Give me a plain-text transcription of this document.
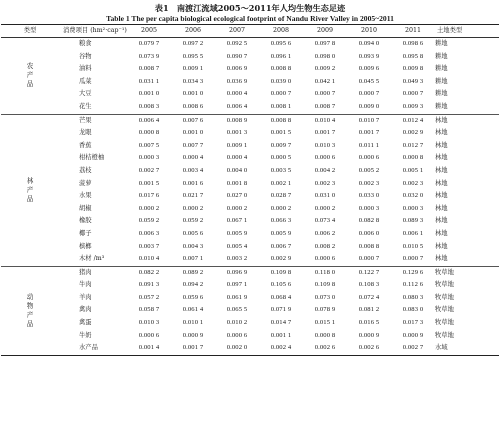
表1　南渡江流域2005～2011年人均生物生态足迹
Table 1 The per capita biological ecological footprint of Nandu River Valley in 2005~2011
类型	消费项目 (hm²·cap⁻¹)	2005	2006	2007	2008	2009	2010	2011	土地类型
农产品	粮食	0.079 7	0.097 2	0.092 5	0.095 6	0.097 8	0.094 0	0.098 6	耕地
	谷物	0.073 9	0.095 5	0.090 7	0.096 1	0.098 0	0.093 9	0.095 8	耕地
	油料	0.008 7	0.009 1	0.006 9	0.008 8	0.009 2	0.009 6	0.009 8	耕地
	瓜菜	0.031 1	0.034 3	0.036 9	0.039 0	0.042 1	0.045 5	0.049 3	耕地
	大豆	0.001 0	0.001 0	0.000 4	0.000 7	0.000 7	0.000 7	0.000 7	耕地
	花生	0.008 3	0.008 6	0.006 4	0.008 1	0.008 7	0.009 0	0.009 3	耕地
林产品	芒果	0.006 4	0.007 6	0.008 9	0.008 8	0.010 4	0.010 7	0.012 4	林地
	龙眼	0.000 8	0.001 0	0.001 3	0.001 5	0.001 7	0.001 7	0.002 9	林地
	香蕉	0.007 5	0.007 7	0.009 1	0.009 7	0.010 3	0.011 1	0.012 7	林地
	柑桔橙柚	0.000 3	0.000 4	0.000 4	0.000 5	0.000 6	0.000 6	0.000 8	林地
	荔枝	0.002 7	0.003 4	0.004 0	0.003 5	0.004 2	0.005 2	0.005 1	林地
	菠萝	0.001 5	0.001 6	0.001 8	0.002 1	0.002 3	0.002 3	0.002 3	林地
	水果	0.017 6	0.021 7	0.027 0	0.028 7	0.031 0	0.033 0	0.032 0	林地
	胡椒	0.000 2	0.000 2	0.000 2	0.000 2	0.000 2	0.000 3	0.000 3	林地
	橡胶	0.059 2	0.059 2	0.067 1	0.066 3	0.073 4	0.082 8	0.089 3	林地
	椰子	0.006 3	0.005 6	0.005 9	0.005 9	0.006 2	0.006 0	0.006 1	林地
	槟榔	0.003 7	0.004 3	0.005 4	0.006 7	0.008 2	0.008 8	0.010 5	林地
	木材 /m³	0.010 4	0.007 1	0.003 2	0.002 9	0.000 6	0.000 7	0.000 7	林地
动物产品	猪肉	0.082 2	0.089 2	0.096 9	0.109 8	0.118 0	0.122 7	0.129 6	牧草地
	牛肉	0.091 3	0.094 2	0.097 1	0.105 6	0.109 8	0.108 3	0.112 6	牧草地
	羊肉	0.057 2	0.059 6	0.061 9	0.068 4	0.073 0	0.072 4	0.080 3	牧草地
	禽肉	0.058 7	0.061 4	0.065 5	0.071 9	0.078 9	0.081 2	0.083 0	牧草地
	禽蛋	0.010 3	0.010 1	0.010 2	0.014 7	0.015 1	0.016 5	0.017 3	牧草地
	牛奶	0.000 6	0.000 9	0.000 6	0.001 1	0.000 8	0.000 9	0.000 9	牧草地
	水产品	0.001 4	0.001 7	0.002 0	0.002 4	0.002 6	0.002 6	0.002 7	水域
